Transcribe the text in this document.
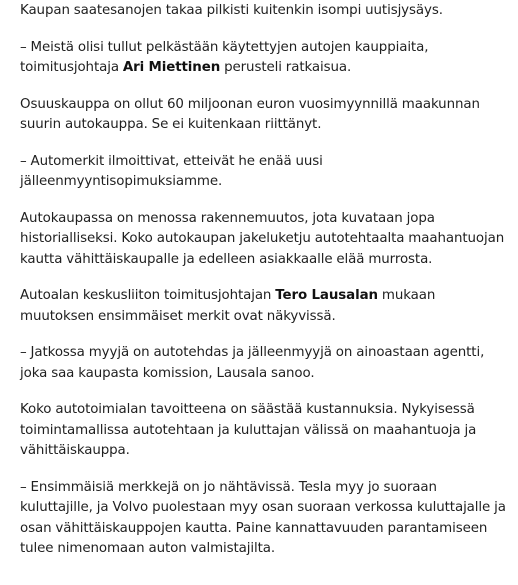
Kaupan saatesanojen takaa pilkisti kuitenkin isompi uutisjysäys.

– Meistä olisi tullut pelkästään käytettyjen autojen kauppiaita, toimitusjohtaja Ari Miettinen perusteli ratkaisua.

Osuuskauppa on ollut 60 miljoonan euron vuosimyynnillä maakunnan suurin autokauppa. Se ei kuitenkaan riittänyt.

– Automerkit ilmoittivat, etteivät he enää uusi jälleenmyyntisopimuksiamme.

Autokaupassa on menossa rakennemuutos, jota kuvataan jopa historialliseksi. Koko autokaupan jakeluketju autotehtaalta maahantuojan kautta vähittäiskaupalle ja edelleen asiakkaalle elää murrosta.

Autoalan keskusliiton toimitusjohtajan Tero Lausalan mukaan muutoksen ensimmäiset merkit ovat näkyvissä.

– Jatkossa myyjä on autotehdas ja jälleenmyyjä on ainoastaan agentti, joka saa kaupasta komission, Lausala sanoo.

Koko autotoimialan tavoitteena on säästää kustannuksia. Nykyisessä toimintamallissa autotehtaan ja kuluttajan välissä on maahantuoja ja vähittäiskauppa.

– Ensimmäisiä merkkejä on jo nähtävissä. Tesla myy jo suoraan kuluttajille, ja Volvo puolestaan myy osan suoraan verkossa kuluttajalle ja osan vähittäiskauppojen kautta. Paine kannattavuuden parantamiseen tulee nimenomaan auton valmistajilta.
